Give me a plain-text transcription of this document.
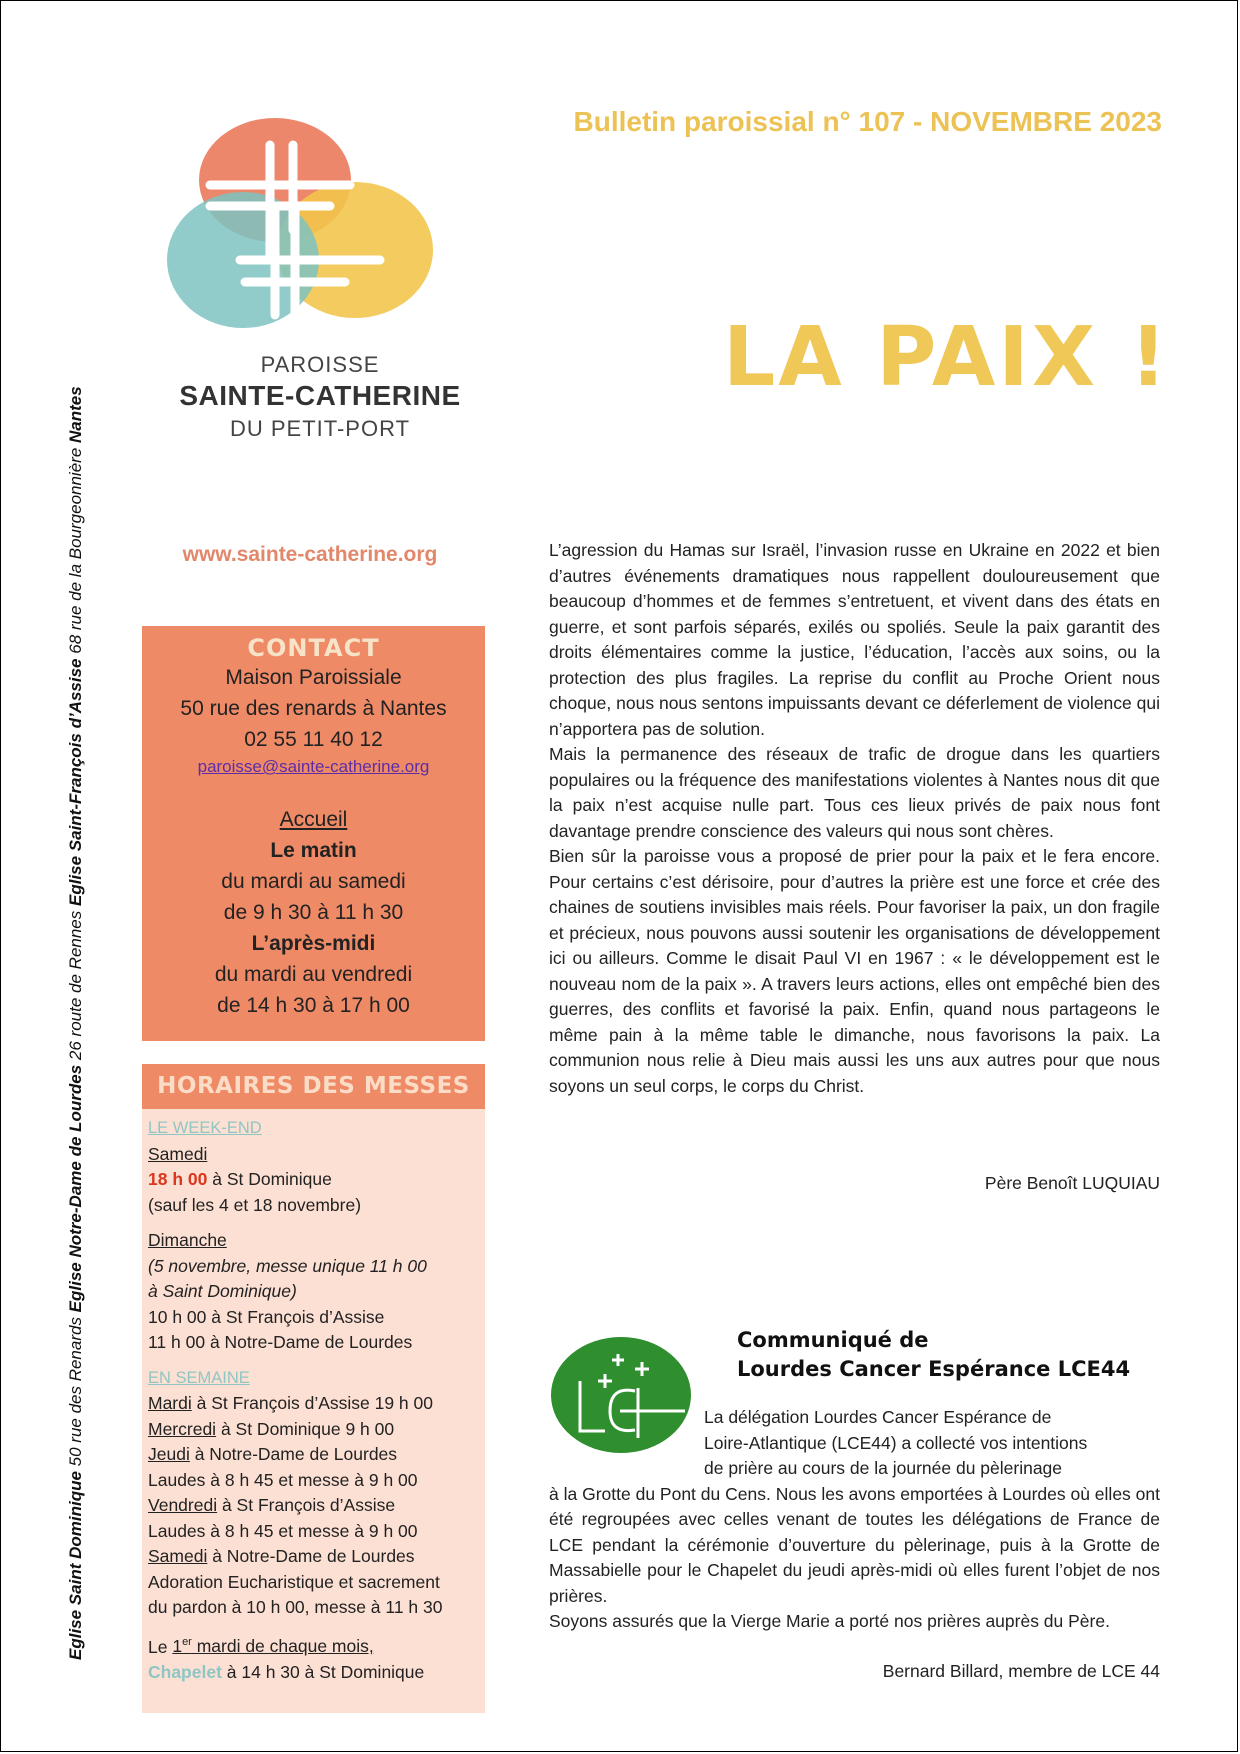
Eglise Saint Dominique 50 rue des Renards Eglise Notre-Dame de Lourdes 26 route de Rennes Eglise Saint-François d’Assise 68 rue de la Bourgeonnière Nantes
PAROISSE
SAINTE-CATHERINE
DU PETIT-PORT
Bulletin paroissial n° 107 - NOVEMBRE 2023
LA PAIX !
www.sainte-catherine.org
CONTACT
Maison Paroissiale
50 rue des renards à Nantes
02 55 11 40 12
paroisse@sainte-catherine.org
Accueil
Le matin
du mardi au samedi
de 9 h 30 à 11 h 30
L’après-midi
du mardi au vendredi
de 14 h 30 à 17 h 00
HORAIRES DES MESSES
LE WEEK-END
Samedi
18 h 00 à St Dominique
(sauf les 4 et 18 novembre)
Dimanche
(5 novembre, messe unique 11 h 00
à Saint Dominique)
10 h 00 à St François d’Assise
11 h 00 à Notre-Dame de Lourdes
EN SEMAINE
Mardi à St François d’Assise 19 h 00
Mercredi à St Dominique 9 h 00
Jeudi à Notre-Dame de Lourdes
Laudes à 8 h 45 et messe à 9 h 00
Vendredi à St François d’Assise
Laudes à 8 h 45 et messe à 9 h 00
Samedi à Notre-Dame de Lourdes
Adoration Eucharistique et sacrement
du pardon à 10 h 00, messe à 11 h 30
Le 1er mardi de chaque mois,
Chapelet à 14 h 30 à St Dominique

L’agression du Hamas sur Israël, l’invasion russe en Ukraine en 2022 et bien d’autres événements dramatiques nous rappellent douloureusement que beaucoup d’hommes et de femmes s’entretuent, et vivent dans des états en guerre, et sont parfois séparés, exilés ou spoliés. Seule la paix garantit des droits élémentaires comme la justice, l’éducation, l’accès aux soins, ou la protection des plus fragiles. La reprise du conflit au Proche Orient nous choque, nous nous sentons impuissants devant ce déferlement de violence qui n’apportera pas de solution.

Mais la permanence des réseaux de trafic de drogue dans les quartiers populaires ou la fréquence des manifestations violentes à Nantes nous dit que la paix n’est acquise nulle part. Tous ces lieux privés de paix nous font davantage prendre conscience des valeurs qui nous sont chères.

Bien sûr la paroisse vous a proposé de prier pour la paix et le fera encore. Pour certains c’est dérisoire, pour d’autres la prière est une force et crée des chaines de soutiens invisibles mais réels. Pour favoriser la paix, un don fragile et précieux, nous pouvons aussi soutenir les organisations de développement ici ou ailleurs. Comme le disait Paul VI en 1967 : « le développement est le nouveau nom de la paix ». A travers leurs actions, elles ont empêché bien des guerres, des conflits et favorisé la paix. Enfin, quand nous partageons le même pain à la même table le dimanche, nous favorisons la paix. La communion nous relie à Dieu mais aussi les uns aux autres pour que nous soyons un seul corps, le corps du Christ.

Père Benoît LUQUIAU
Communiqué de
Lourdes Cancer Espérance LCE44

La délégation Lourdes Cancer Espérance de

Loire-Atlantique (LCE44) a collecté vos intentions

de prière au cours de la journée du pèlerinage

à la Grotte du Pont du Cens. Nous les avons emportées à Lourdes où elles ont été regroupées avec celles venant de toutes les délégations de France de LCE pendant la cérémonie d’ouverture du pèlerinage, puis à la Grotte de Massabielle pour le Chapelet du jeudi après-midi où elles furent l’objet de nos prières.

Soyons assurés que la Vierge Marie a porté nos prières auprès du Père.

Bernard Billard, membre de LCE 44
